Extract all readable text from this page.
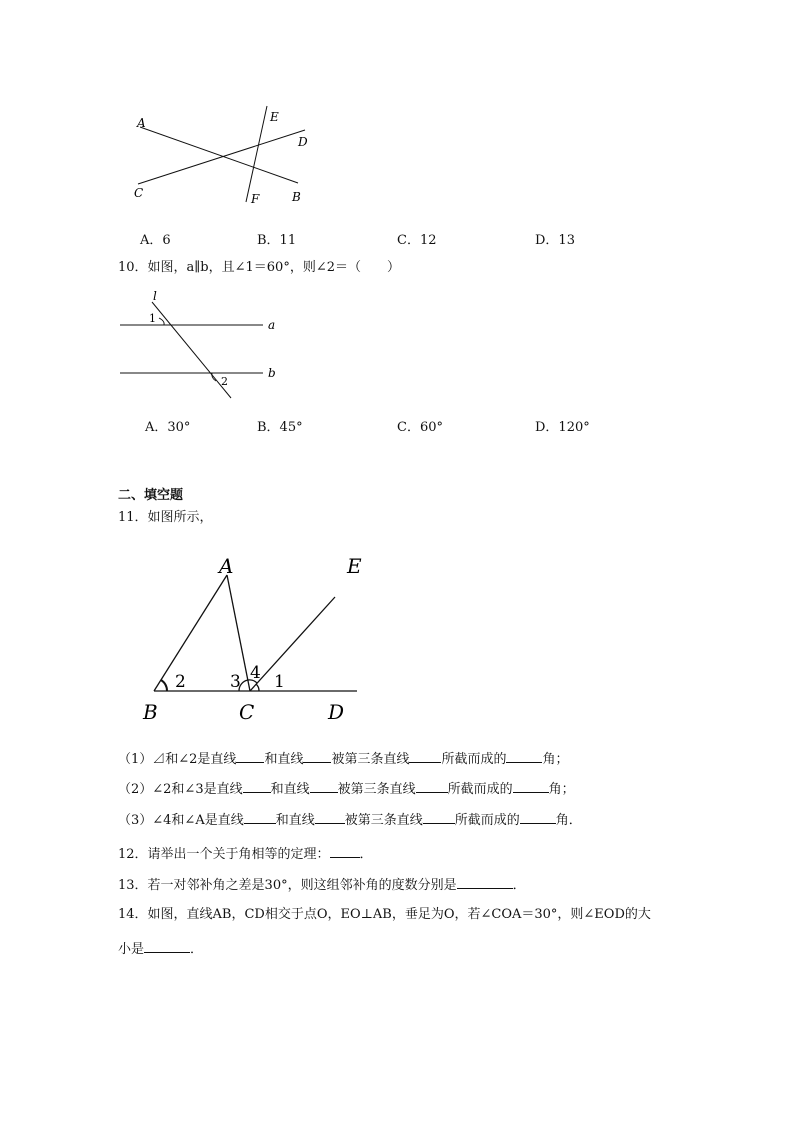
A	E
D
C	F	B
A．6	B．11	C．12	D．13
10．如图，a∥b，且∠1＝60°，则∠2＝（　　）
l
a
b
1
2
A．30°	B．45°	C．60°	D．120°
二、填空题
11．如图所示，
A	E
B	C	D
2	3 4 1
（1）⊿和∠2是直线 和直线 被第三条直线 所截而成的	角；
（2）∠2和∠3是直线 和直线 被第三条直线 所截而成的	角；
（3）∠4和∠A是直线 和直线 被第三条直线 所截而成的	角．
12．请举出一个关于角相等的定理： ．
13．若一对邻补角之差是30°，则这组邻补角的度数分别是	．
14．如图，直线AB，CD相交于点O，EO⊥AB，垂足为O，若∠COA＝30°，则∠EOD的大
小是	．
